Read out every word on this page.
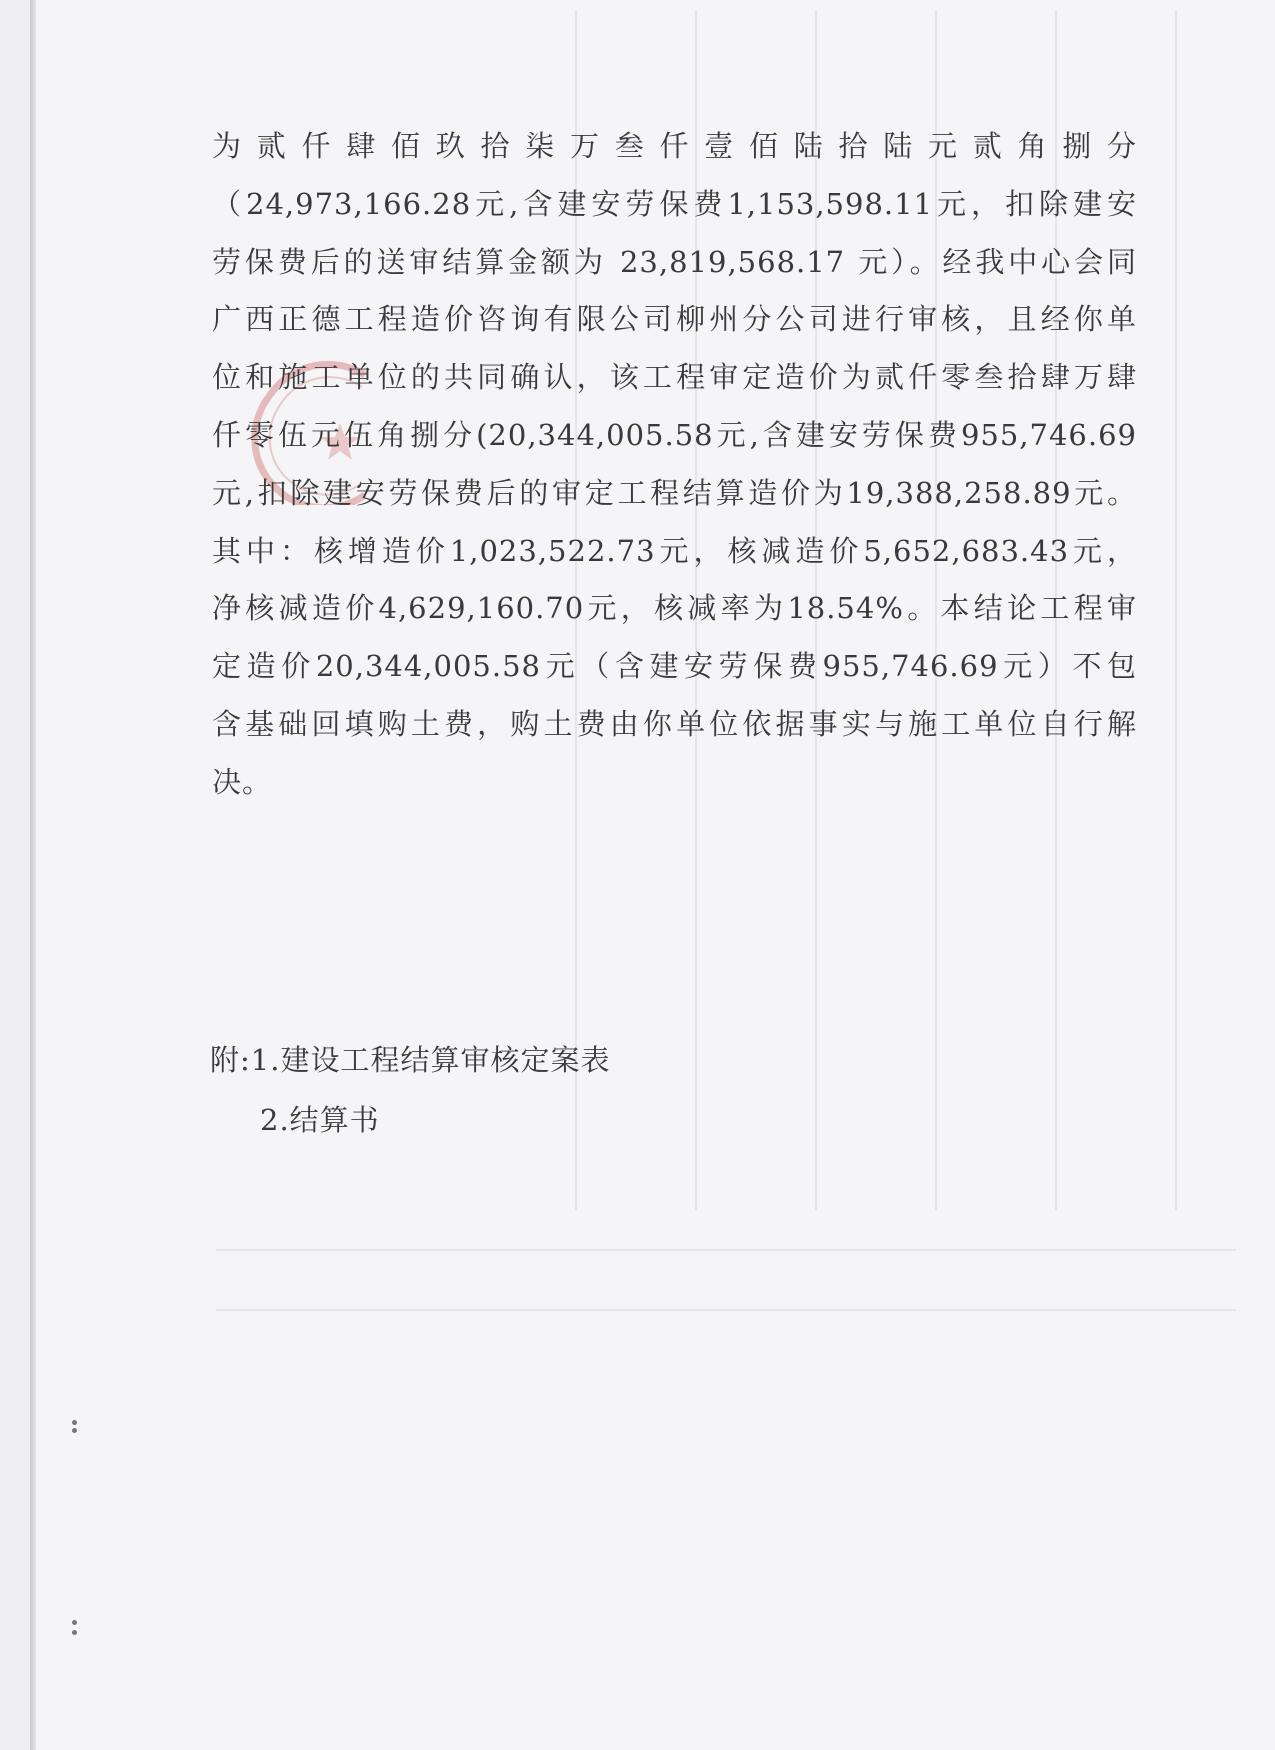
为贰仟肆佰玖拾柒万叁仟壹佰陆拾陆元贰角捌分
（24,973,166.28元,含建安劳保费1,153,598.11元，扣除建安
劳保费后的送审结算金额为 23,819,568.17 元）。经我中心会同
广西正德工程造价咨询有限公司柳州分公司进行审核，且经你单
位和施工单位的共同确认，该工程审定造价为贰仟零叁拾肆万肆
仟零伍元伍角捌分(20,344,005.58元,含建安劳保费955,746.69
元,扣除建安劳保费后的审定工程结算造价为19,388,258.89元。
其中：核增造价1,023,522.73元，核减造价5,652,683.43元，
净核减造价4,629,160.70元，核减率为18.54%。本结论工程审
定造价20,344,005.58元（含建安劳保费955,746.69元）不包
含基础回填购土费，购土费由你单位依据事实与施工单位自行解
决。
附:1.建设工程结算审核定案表
2.结算书
